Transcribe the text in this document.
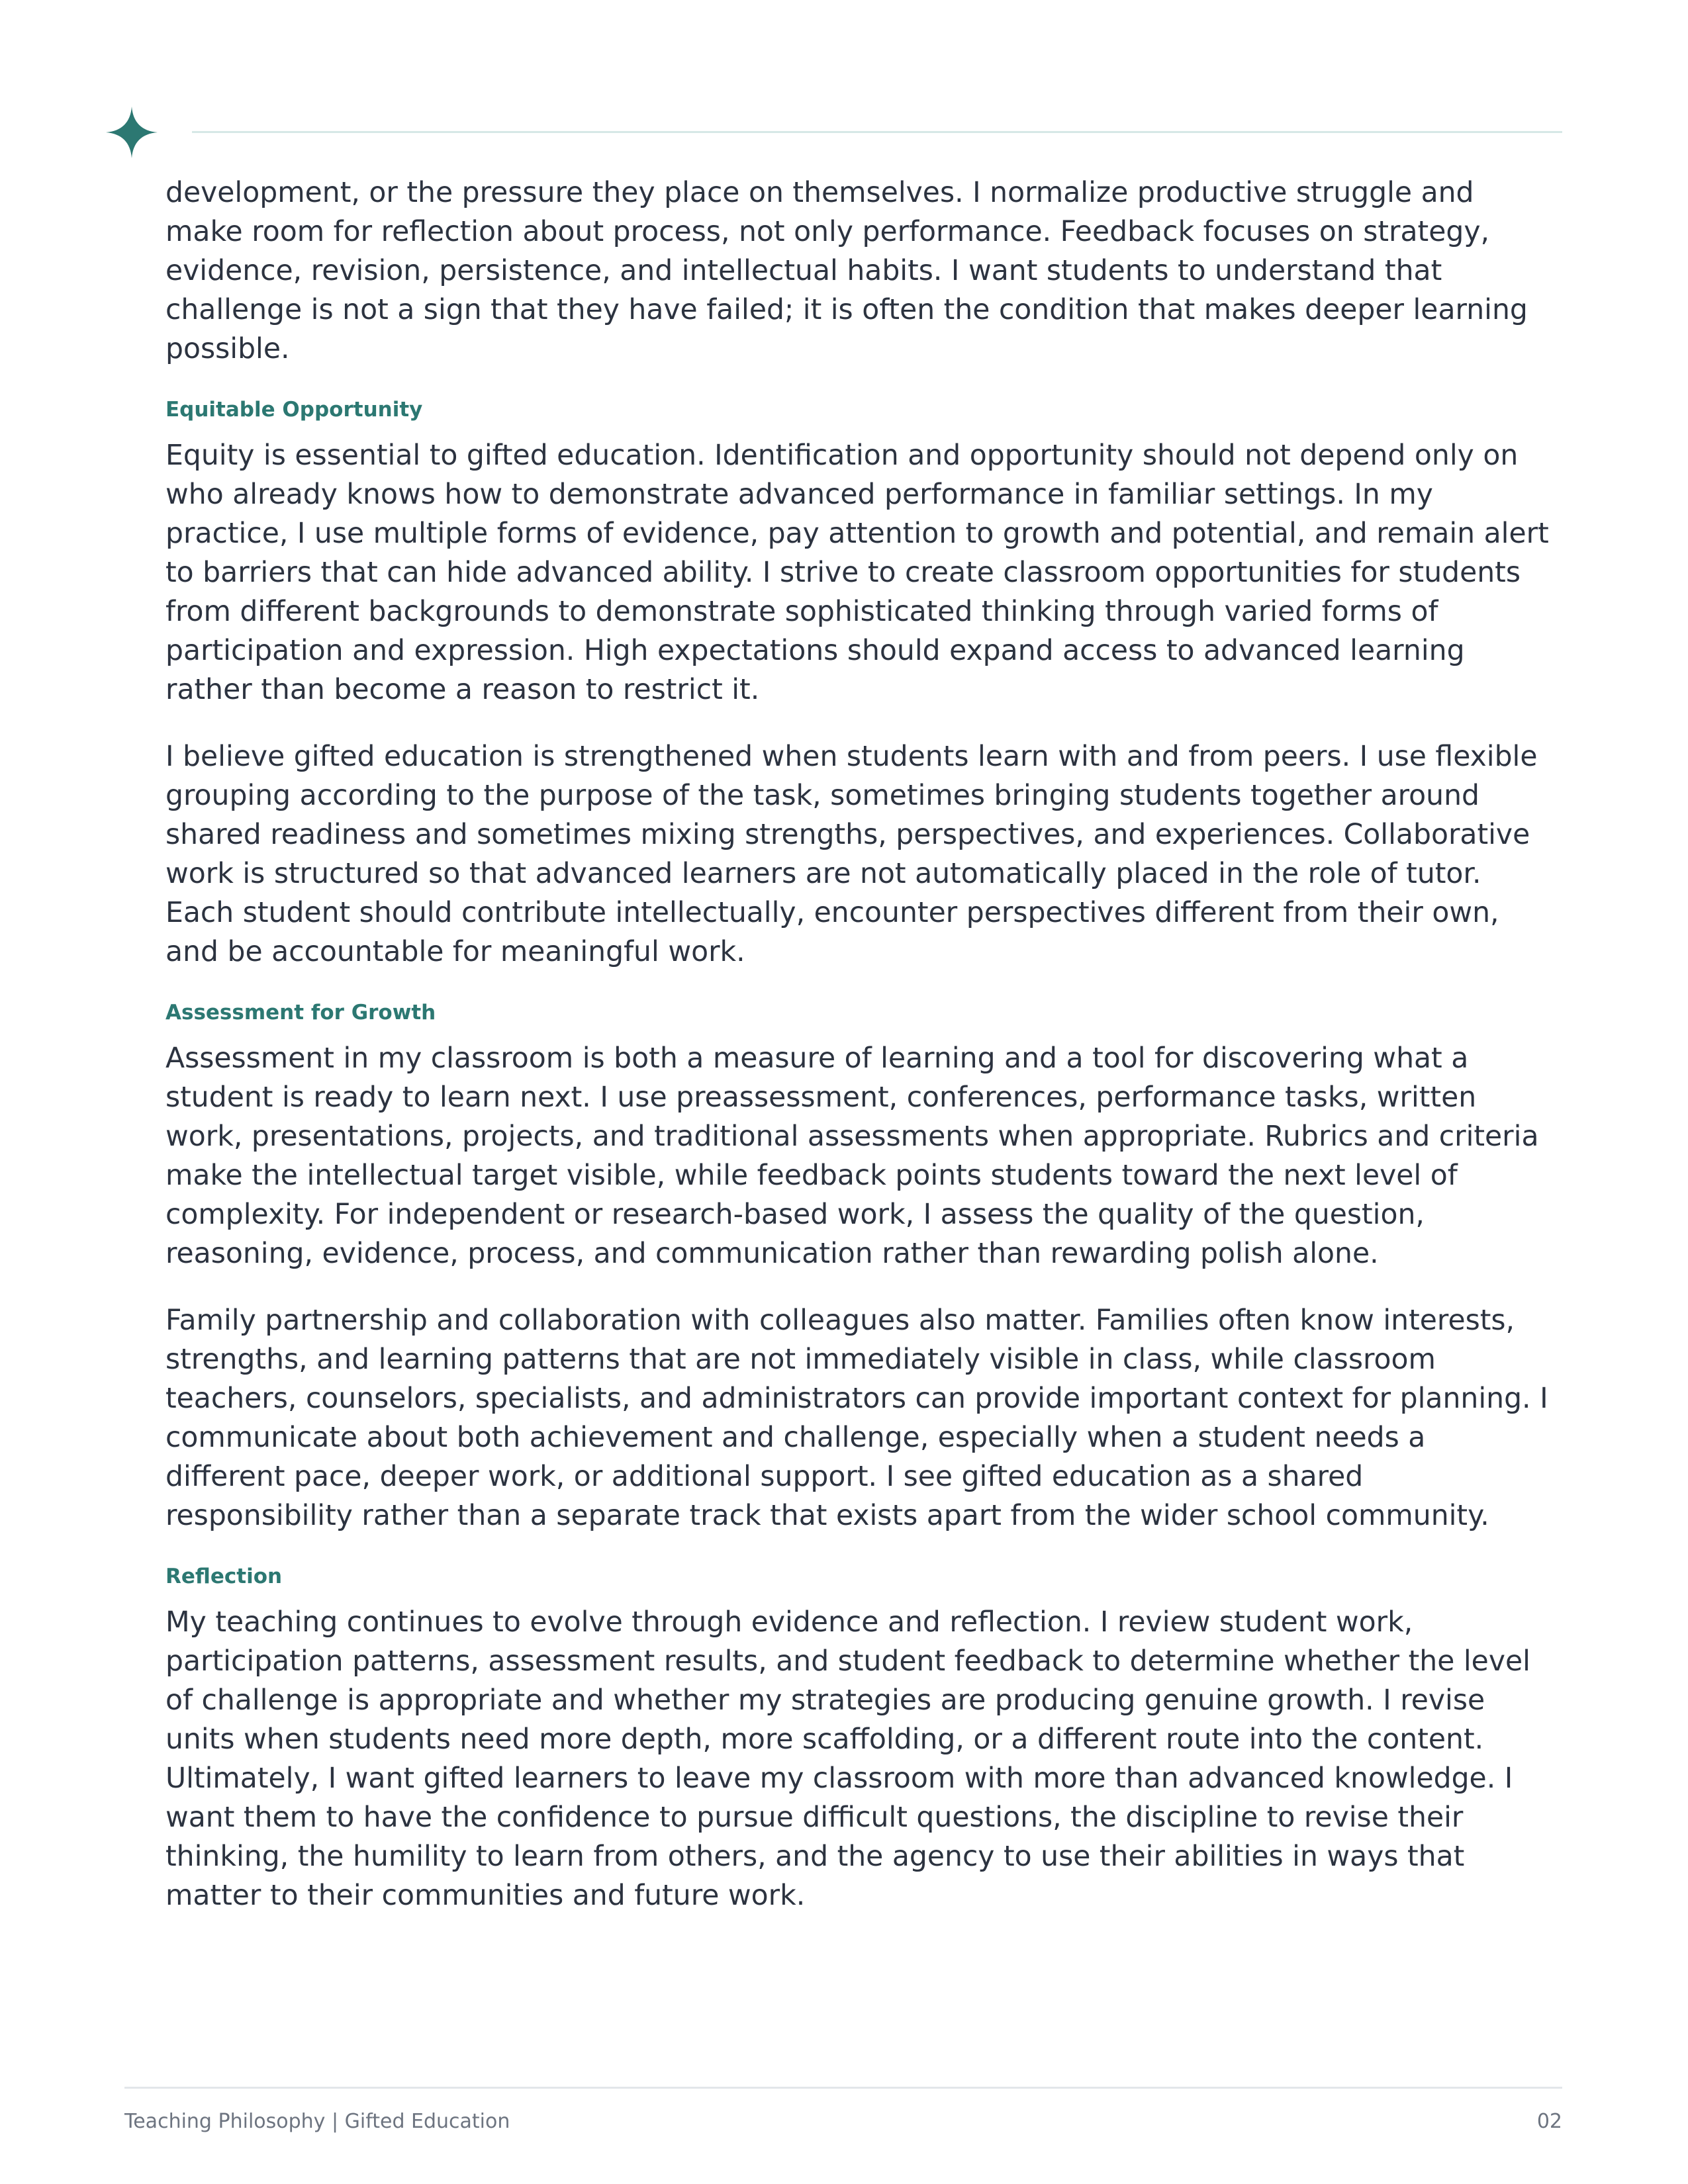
development, or the pressure they place on themselves. I normalize productive struggle and make room for reflection about process, not only performance. Feedback focuses on strategy, evidence, revision, persistence, and intellectual habits. I want students to understand that challenge is not a sign that they have failed; it is often the condition that makes deeper learning possible.

Equitable Opportunity

Equity is essential to gifted education. Identification and opportunity should not depend only on who already knows how to demonstrate advanced performance in familiar settings. In my practice, I use multiple forms of evidence, pay attention to growth and potential, and remain alert to barriers that can hide advanced ability. I strive to create classroom opportunities for students from different backgrounds to demonstrate sophisticated thinking through varied forms of participation and expression. High expectations should expand access to advanced learning rather than become a reason to restrict it.

I believe gifted education is strengthened when students learn with and from peers. I use flexible grouping according to the purpose of the task, sometimes bringing students together around shared readiness and sometimes mixing strengths, perspectives, and experiences. Collaborative work is structured so that advanced learners are not automatically placed in the role of tutor. Each student should contribute intellectually, encounter perspectives different from their own, and be accountable for meaningful work.

Assessment for Growth

Assessment in my classroom is both a measure of learning and a tool for discovering what a student is ready to learn next. I use preassessment, conferences, performance tasks, written work, presentations, projects, and traditional assessments when appropriate. Rubrics and criteria make the intellectual target visible, while feedback points students toward the next level of complexity. For independent or research-based work, I assess the quality of the question, reasoning, evidence, process, and communication rather than rewarding polish alone.

Family partnership and collaboration with colleagues also matter. Families often know interests, strengths, and learning patterns that are not immediately visible in class, while classroom teachers, counselors, specialists, and administrators can provide important context for planning. I communicate about both achievement and challenge, especially when a student needs a different pace, deeper work, or additional support. I see gifted education as a shared responsibility rather than a separate track that exists apart from the wider school community.

Reflection

My teaching continues to evolve through evidence and reflection. I review student work, participation patterns, assessment results, and student feedback to determine whether the level of challenge is appropriate and whether my strategies are producing genuine growth. I revise units when students need more depth, more scaffolding, or a different route into the content. Ultimately, I want gifted learners to leave my classroom with more than advanced knowledge. I want them to have the confidence to pursue difficult questions, the discipline to revise their thinking, the humility to learn from others, and the agency to use their abilities in ways that matter to their communities and future work.

Teaching Philosophy | Gifted Education	02
